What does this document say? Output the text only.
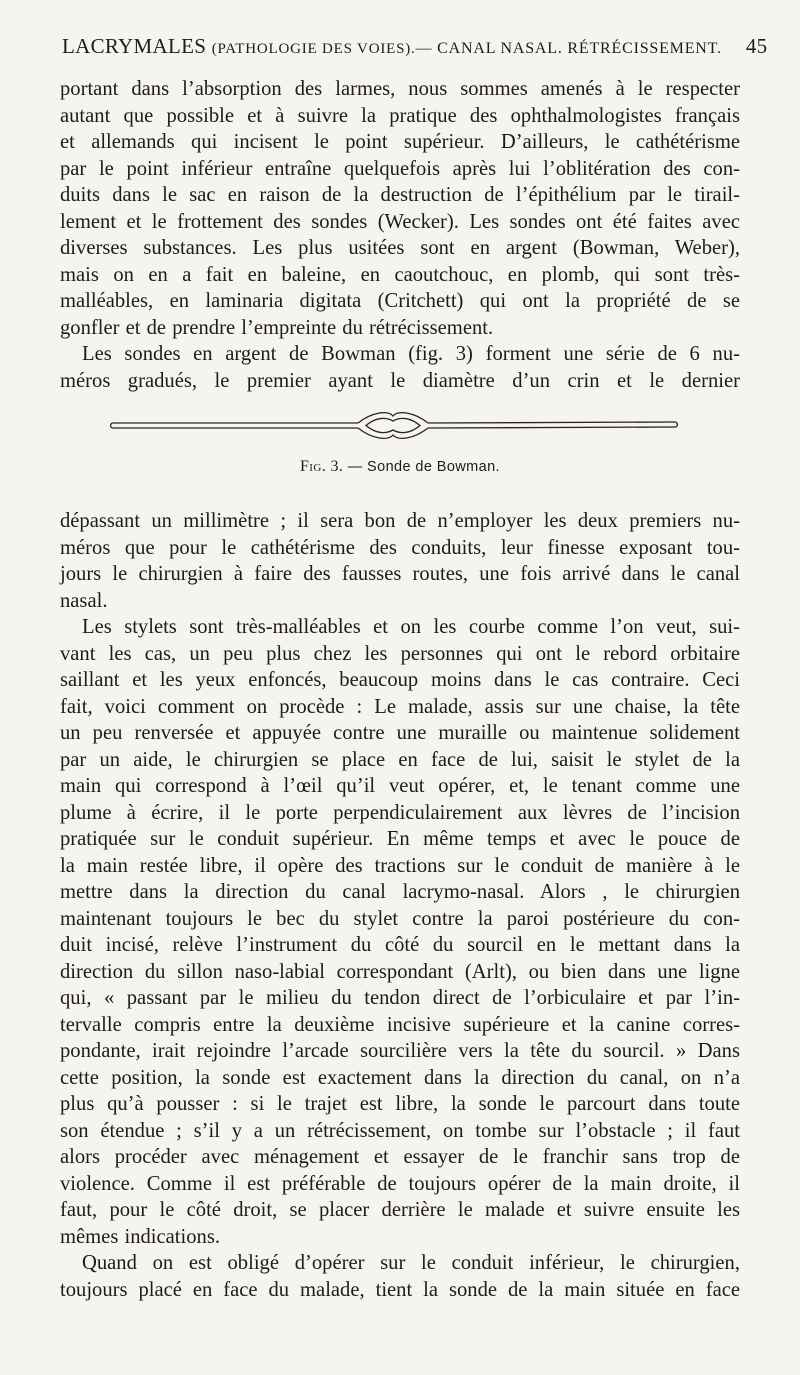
LACRYMALES (PATHOLOGIE DES VOIES). — CANAL NASAL. RÉTRÉCISSEMENT. 45
portant dans l’absorption des larmes, nous sommes amenés à le respecter
autant que possible et à suivre la pratique des ophthalmologistes français
et allemands qui incisent le point supérieur. D’ailleurs, le cathétérisme
par le point inférieur entraîne quelquefois après lui l’oblitération des con-
duits dans le sac en raison de la destruction de l’épithélium par le tirail-
lement et le frottement des sondes (Wecker). Les sondes ont été faites avec
diverses substances. Les plus usitées sont en argent (Bowman, Weber),
mais on en a fait en baleine, en caoutchouc, en plomb, qui sont très-
malléables, en laminaria digitata (Critchett) qui ont la propriété de se
gonfler et de prendre l’empreinte du rétrécissement.
Les sondes en argent de Bowman (fig. 3) forment une série de 6 nu-
méros gradués, le premier ayant le diamètre d’un crin et le dernier
Fig. 3. — Sonde de Bowman.
dépassant un millimètre ; il sera bon de n’employer les deux premiers nu-
méros que pour le cathétérisme des conduits, leur finesse exposant tou-
jours le chirurgien à faire des fausses routes, une fois arrivé dans le canal
nasal.
Les stylets sont très-malléables et on les courbe comme l’on veut, sui-
vant les cas, un peu plus chez les personnes qui ont le rebord orbitaire
saillant et les yeux enfoncés, beaucoup moins dans le cas contraire. Ceci
fait, voici comment on procède : Le malade, assis sur une chaise, la tête
un peu renversée et appuyée contre une muraille ou maintenue solidement
par un aide, le chirurgien se place en face de lui, saisit le stylet de la
main qui correspond à l’œil qu’il veut opérer, et, le tenant comme une
plume à écrire, il le porte perpendiculairement aux lèvres de l’incision
pratiquée sur le conduit supérieur. En même temps et avec le pouce de
la main restée libre, il opère des tractions sur le conduit de manière à le
mettre dans la direction du canal lacrymo-nasal. Alors , le chirurgien
maintenant toujours le bec du stylet contre la paroi postérieure du con-
duit incisé, relève l’instrument du côté du sourcil en le mettant dans la
direction du sillon naso-labial correspondant (Arlt), ou bien dans une ligne
qui, « passant par le milieu du tendon direct de l’orbiculaire et par l’in-
tervalle compris entre la deuxième incisive supérieure et la canine corres-
pondante, irait rejoindre l’arcade sourcilière vers la tête du sourcil. » Dans
cette position, la sonde est exactement dans la direction du canal, on n’a
plus qu’à pousser : si le trajet est libre, la sonde le parcourt dans toute
son étendue ; s’il y a un rétrécissement, on tombe sur l’obstacle ; il faut
alors procéder avec ménagement et essayer de le franchir sans trop de
violence. Comme il est préférable de toujours opérer de la main droite, il
faut, pour le côté droit, se placer derrière le malade et suivre ensuite les
mêmes indications.
Quand on est obligé d’opérer sur le conduit inférieur, le chirurgien,
toujours placé en face du malade, tient la sonde de la main située en face
